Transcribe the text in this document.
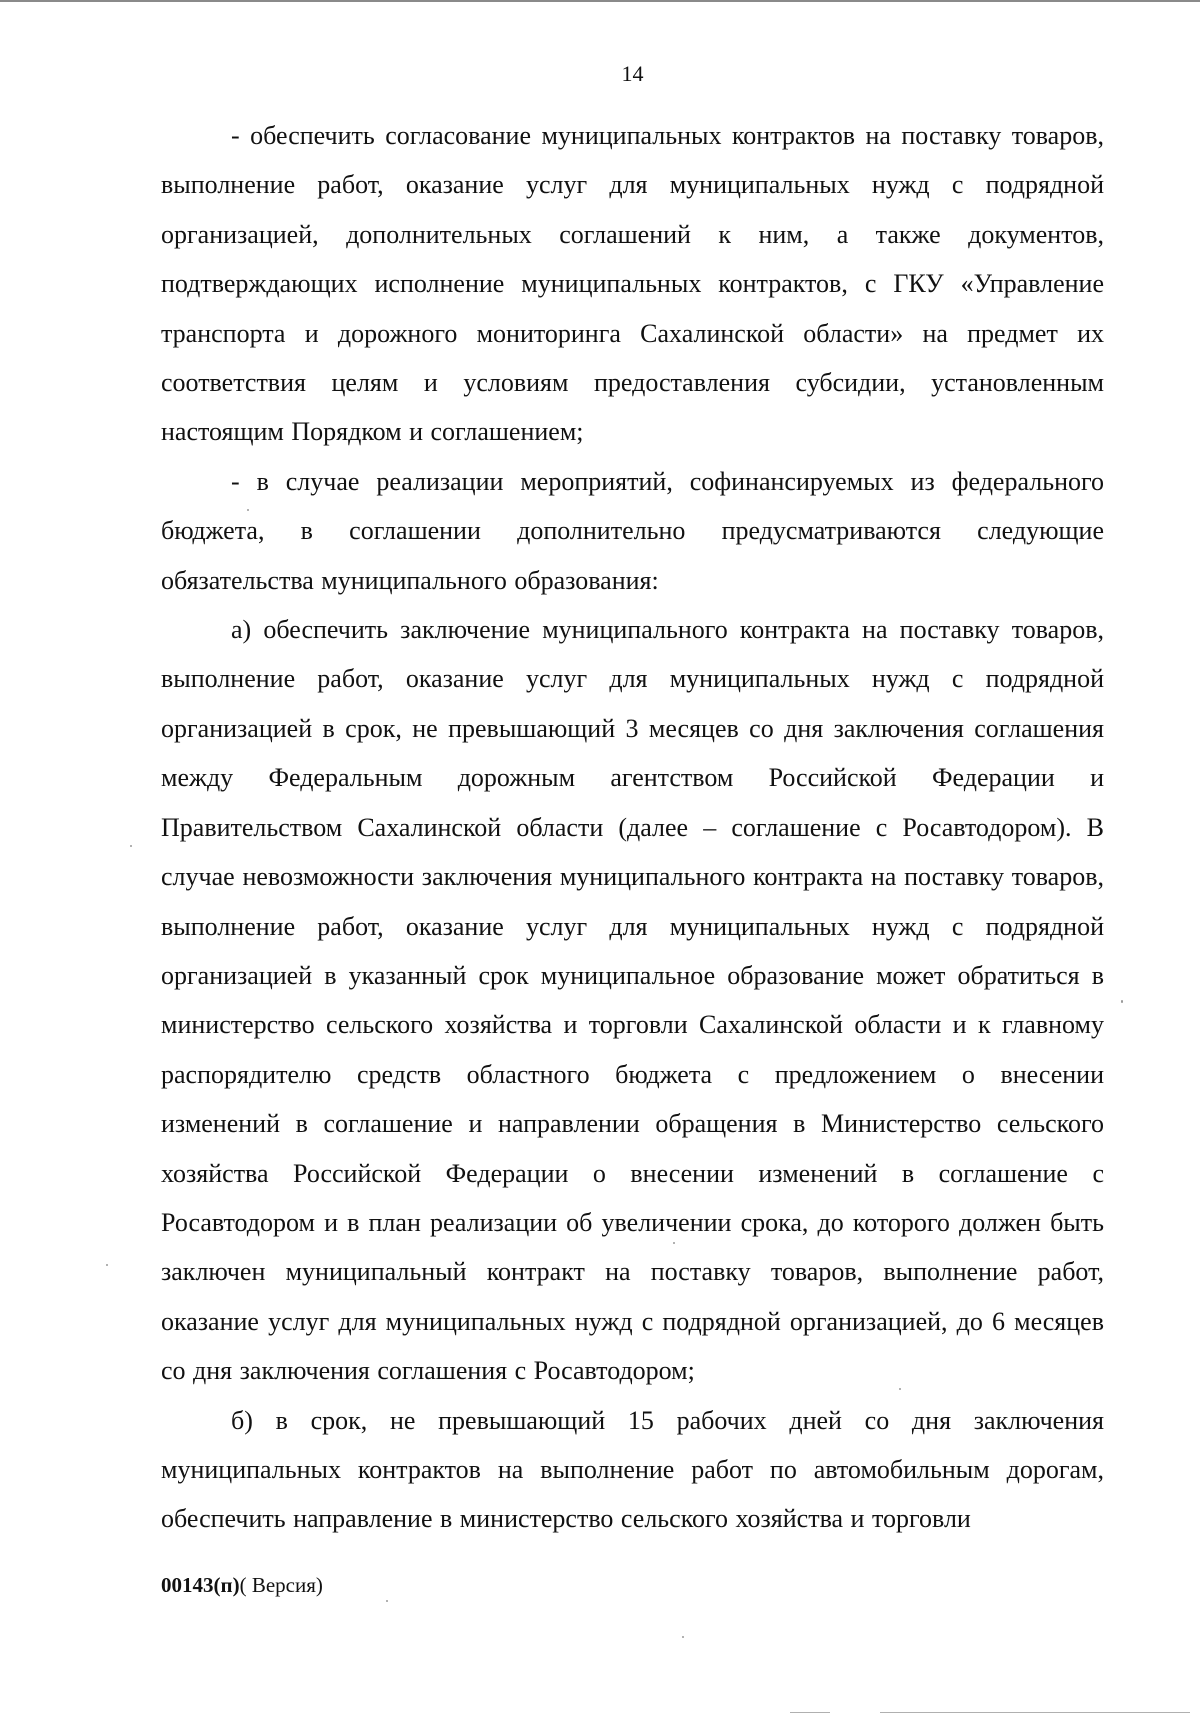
14

- обеспечить согласование муниципальных контрактов на поставку товаров, выполнение работ, оказание услуг для муниципальных нужд с подрядной организацией, дополнительных соглашений к ним, а также документов, подтверждающих исполнение муниципальных контрактов, с ГКУ «Управление транспорта и дорожного мониторинга Сахалинской области» на предмет их соответствия целям и условиям предоставления субсидии, установленным настоящим Порядком и соглашением;

- в случае реализации мероприятий, софинансируемых из федерального бюджета, в соглашении дополнительно предусматриваются следующие обязательства муниципального образования:

а) обеспечить заключение муниципального контракта на поставку товаров, выполнение работ, оказание услуг для муниципальных нужд с подрядной организацией в срок, не превышающий 3 месяцев со дня заключения соглашения между Федеральным дорожным агентством Российской Федерации и Правительством Сахалинской области (далее – соглашение с Росавтодором). В случае невозможности заключения муниципального контракта на поставку товаров, выполнение работ, оказание услуг для муниципальных нужд с подрядной организацией в указанный срок муниципальное образование может обратиться в министерство сельского хозяйства и торговли Сахалинской области и к главному распорядителю средств областного бюджета с предложением о внесении изменений в соглашение и направлении обращения в Министерство сельского хозяйства Российской Федерации о внесении изменений в соглашение с Росавтодором и в план реализации об увеличении срока, до которого должен быть заключен муниципальный контракт на поставку товаров, выполнение работ, оказание услуг для муниципальных нужд с подрядной организацией, до 6 месяцев со дня заключения соглашения с Росавтодором;

б) в срок, не превышающий 15 рабочих дней со дня заключения муниципальных контрактов на выполнение работ по автомобильным дорогам, обеспечить направление в министерство сельского хозяйства и торговли

00143(п)( Версия)
